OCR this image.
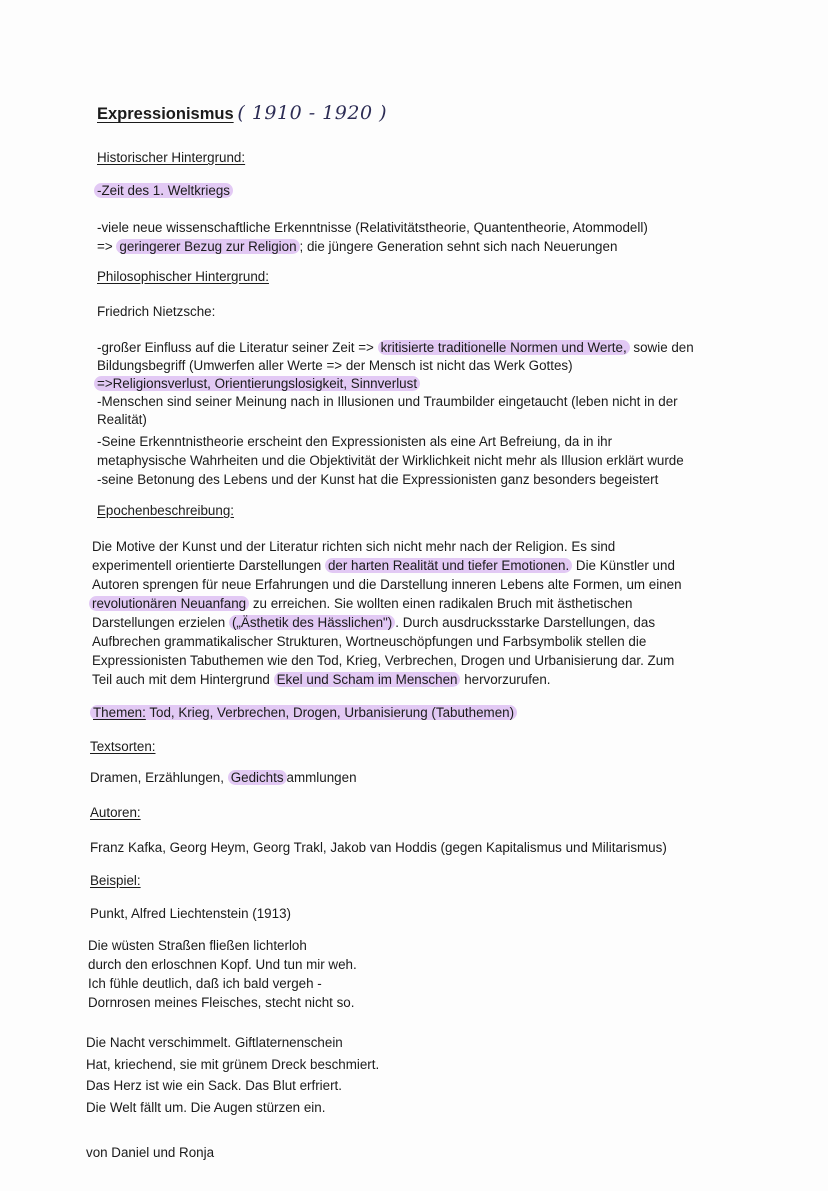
Expressionismus ( 1910 - 1920 )
Historischer Hintergrund:
-Zeit des 1. Weltkriegs
-viele neue wissenschaftliche Erkenntnisse (Relativitätstheorie, Quantentheorie, Atommodell)
=> geringerer Bezug zur Religion ; die jüngere Generation sehnt sich nach Neuerungen
Philosophischer Hintergrund:
Friedrich Nietzsche:
-großer Einfluss auf die Literatur seiner Zeit => kritisierte traditionelle Normen und Werte, sowie den
Bildungsbegriff (Umwerfen aller Werte => der Mensch ist nicht das Werk Gottes)
=>Religionsverlust, Orientierungslosigkeit, Sinnverlust
-Menschen sind seiner Meinung nach in Illusionen und Traumbilder eingetaucht (leben nicht in der
Realität)
-Seine Erkenntnistheorie erscheint den Expressionisten als eine Art Befreiung, da in ihr
metaphysische Wahrheiten und die Objektivität der Wirklichkeit nicht mehr als Illusion erklärt wurde
-seine Betonung des Lebens und der Kunst hat die Expressionisten ganz besonders begeistert
Epochenbeschreibung:
Die Motive der Kunst und der Literatur richten sich nicht mehr nach der Religion. Es sind
experimentell orientierte Darstellungen der harten Realität und tiefer Emotionen. Die Künstler und
Autoren sprengen für neue Erfahrungen und die Darstellung inneren Lebens alte Formen, um einen
revolutionären Neuanfang zu erreichen. Sie wollten einen radikalen Bruch mit ästhetischen
Darstellungen erzielen („Ästhetik des Hässlichen") . Durch ausdrucksstarke Darstellungen, das
Aufbrechen grammatikalischer Strukturen, Wortneuschöpfungen und Farbsymbolik stellen die
Expressionisten Tabuthemen wie den Tod, Krieg, Verbrechen, Drogen und Urbanisierung dar. Zum
Teil auch mit dem Hintergrund Ekel und Scham im Menschen hervorzurufen.
Themen: Tod, Krieg, Verbrechen, Drogen, Urbanisierung (Tabuthemen)
Textsorten:
Dramen, Erzählungen, Gedichts ammlungen
Autoren:
Franz Kafka, Georg Heym, Georg Trakl, Jakob van Hoddis (gegen Kapitalismus und Militarismus)
Beispiel:
Punkt, Alfred Liechtenstein (1913)
Die wüsten Straßen fließen lichterloh
durch den erloschnen Kopf. Und tun mir weh.
Ich fühle deutlich, daß ich bald vergeh -
Dornrosen meines Fleisches, stecht nicht so.
Die Nacht verschimmelt. Giftlaternenschein
Hat, kriechend, sie mit grünem Dreck beschmiert.
Das Herz ist wie ein Sack. Das Blut erfriert.
Die Welt fällt um. Die Augen stürzen ein.
von Daniel und Ronja
